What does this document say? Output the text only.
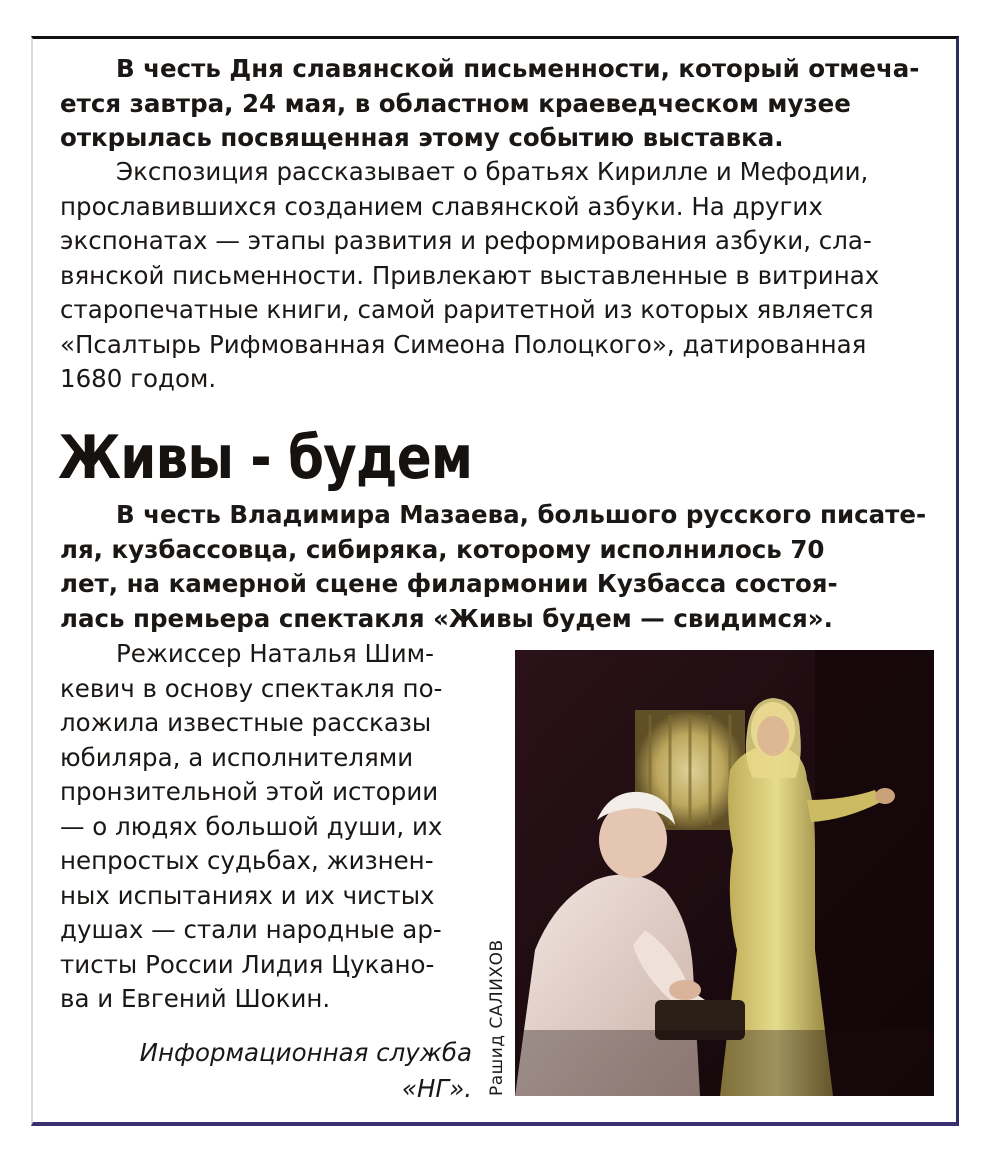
В честь Дня славянской письменности, который отмеча-
ется завтра, 24 мая, в областном краеведческом музее
открылась посвященная этому событию выставка.
Экспозиция рассказывает о братьях Кирилле и Мефодии,
прославившихся созданием славянской азбуки. На других
экспонатах — этапы развития и реформирования азбуки, сла-
вянской письменности. Привлекают выставленные в витринах
старопечатные книги, самой раритетной из которых является
«Псалтырь Рифмованная Симеона Полоцкого», датированная
1680 годом.
Живы - будем
В честь Владимира Мазаева, большого русского писате-
ля, кузбассовца, сибиряка, которому исполнилось 70
лет, на камерной сцене филармонии Кузбасса состоя-
лась премьера спектакля «Живы будем — свидимся».
Режиссер Наталья Шим-
кевич в основу спектакля по-
ложила известные рассказы
юбиляра, а исполнителями
пронзительной этой истории
— о людях большой души, их
непростых судьбах, жизнен-
ных испытаниях и их чистых
душах — стали народные ар-
тисты России Лидия Цукано-
ва и Евгений Шокин.
Информационная служба
«НГ». Рашид САЛИХОВ
